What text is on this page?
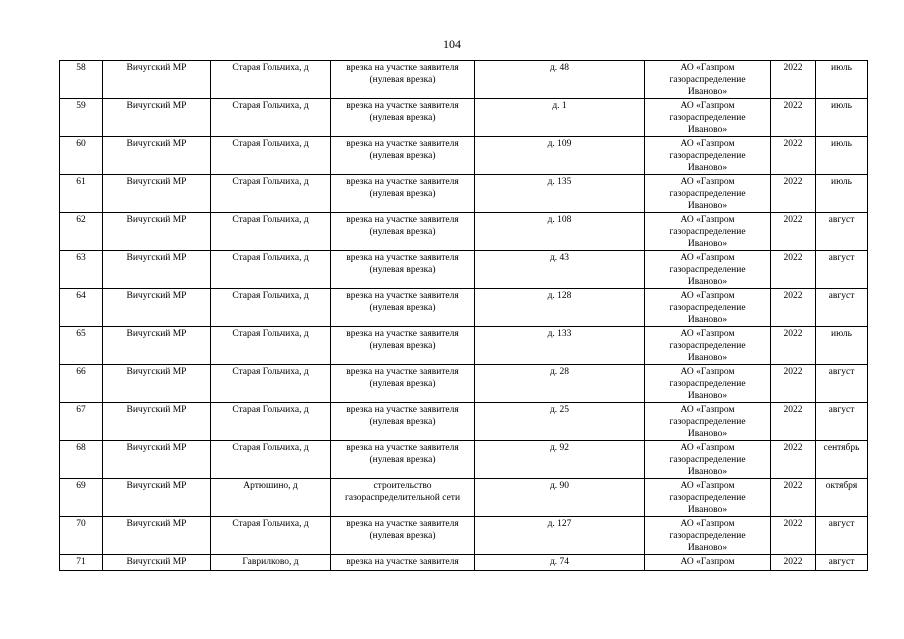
104
58	Вичугский МР	Старая Гольчиха, д	врезка на участке заявителя
(нулевая врезка)	д. 48	АО «Газпром
газораспределение
Иваново»	2022	июль
59	Вичугский МР	Старая Гольчиха, д	врезка на участке заявителя
(нулевая врезка)	д. 1	АО «Газпром
газораспределение
Иваново»	2022	июль
60	Вичугский МР	Старая Гольчиха, д	врезка на участке заявителя
(нулевая врезка)	д. 109	АО «Газпром
газораспределение
Иваново»	2022	июль
61	Вичугский МР	Старая Гольчиха, д	врезка на участке заявителя
(нулевая врезка)	д. 135	АО «Газпром
газораспределение
Иваново»	2022	июль
62	Вичугский МР	Старая Гольчиха, д	врезка на участке заявителя
(нулевая врезка)	д. 108	АО «Газпром
газораспределение
Иваново»	2022	август
63	Вичугский МР	Старая Гольчиха, д	врезка на участке заявителя
(нулевая врезка)	д. 43	АО «Газпром
газораспределение
Иваново»	2022	август
64	Вичугский МР	Старая Гольчиха, д	врезка на участке заявителя
(нулевая врезка)	д. 128	АО «Газпром
газораспределение
Иваново»	2022	август
65	Вичугский МР	Старая Гольчиха, д	врезка на участке заявителя
(нулевая врезка)	д. 133	АО «Газпром
газораспределение
Иваново»	2022	июль
66	Вичугский МР	Старая Гольчиха, д	врезка на участке заявителя
(нулевая врезка)	д. 28	АО «Газпром
газораспределение
Иваново»	2022	август
67	Вичугский МР	Старая Гольчиха, д	врезка на участке заявителя
(нулевая врезка)	д. 25	АО «Газпром
газораспределение
Иваново»	2022	август
68	Вичугский МР	Старая Гольчиха, д	врезка на участке заявителя
(нулевая врезка)	д. 92	АО «Газпром
газораспределение
Иваново»	2022	сентябрь
69	Вичугский МР	Артюшино, д	строительство
газораспределительной сети	д. 90	АО «Газпром
газораспределение
Иваново»	2022	октября
70	Вичугский МР	Старая Гольчиха, д	врезка на участке заявителя
(нулевая врезка)	д. 127	АО «Газпром
газораспределение
Иваново»	2022	август
71	Вичугский МР	Гаврилково, д	врезка на участке заявителя	д. 74	АО «Газпром	2022	август
